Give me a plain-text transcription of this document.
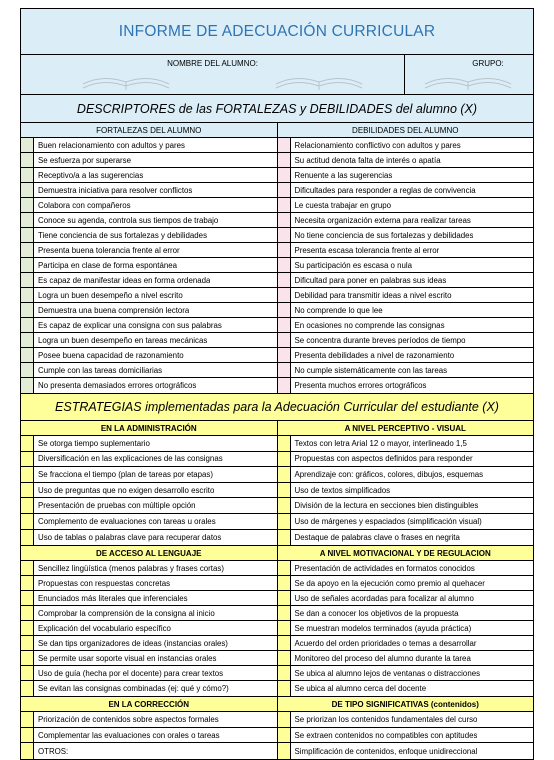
INFORME DE ADECUACIÓN CURRICULAR
NOMBRE DEL ALUMNO:	GRUPO:
DESCRIPTORES de las FORTALEZAS y DEBILIDADES del alumno (X)
FORTALEZAS DEL ALUMNO
Buen relacionamiento con adultos y pares
Se esfuerza por superarse
Receptivo/a a las sugerencias
Demuestra iniciativa para resolver conflictos
Colabora con compañeros
Conoce su agenda, controla sus tiempos de trabajo
Tiene conciencia de sus fortalezas y debilidades
Presenta buena tolerancia frente al error
Participa en clase de forma espontánea
Es capaz de manifestar ideas en forma ordenada
Logra un buen desempeño a nivel escrito
Demuestra una buena comprensión lectora
Es capaz de explicar una consigna con sus palabras
Logra un buen desempeño en tareas mecánicas
Posee buena capacidad de razonamiento
Cumple con las tareas domiciliarias
No presenta demasiados errores ortográficos
DEBILIDADES DEL ALUMNO
Relacionamiento conflictivo con adultos y pares
Su actitud denota falta de interés o apatía
Renuente a las sugerencias
Dificultades para responder a reglas de convivencia
Le cuesta trabajar en grupo
Necesita organización externa para realizar tareas
No tiene conciencia de sus fortalezas y debilidades
Presenta escasa tolerancia frente al error
Su participación es escasa o nula
Dificultad para poner en palabras sus ideas
Debilidad para transmitir ideas a nivel escrito
No comprende lo que lee
En ocasiones no comprende las consignas
Se concentra durante breves períodos de tiempo
Presenta debilidades a nivel de razonamiento
No cumple sistemáticamente con las tareas
Presenta muchos errores ortográficos
ESTRATEGIAS implementadas para la Adecuación Curricular del estudiante (X)
EN LA ADMINISTRACIÓN
Se otorga tiempo suplementario
Diversificación en las explicaciones de las consignas
Se fracciona el tiempo (plan de tareas por etapas)
Uso de preguntas que no exigen desarrollo escrito
Presentación de pruebas con múltiple opción
Complemento de evaluaciones con tareas u orales
Uso de tablas o palabras clave para recuperar datos
A NIVEL PERCEPTIVO - VISUAL
Textos con letra Arial 12 o mayor, interlineado 1,5
Propuestas con aspectos definidos para responder
Aprendizaje con: gráficos, colores, dibujos, esquemas
Uso de textos simplificados
División de la lectura en secciones bien distinguibles
Uso de márgenes y espaciados (simplificación visual)
Destaque de palabras clave o frases en negrita
DE ACCESO AL LENGUAJE
Sencillez lingüística (menos palabras y frases cortas)
Propuestas con respuestas concretas
Enunciados más literales que inferenciales
Comprobar la comprensión de la consigna al inicio
Explicación del vocabulario específico
Se dan tips organizadores de ideas (instancias orales)
Se permite usar soporte visual en instancias orales
Uso de guía (hecha por el docente) para crear textos
Se evitan las consignas combinadas (ej: qué y cómo?)
A NIVEL MOTIVACIONAL Y DE REGULACION
Presentación de actividades en formatos conocidos
Se da apoyo en la ejecución como premio al quehacer
Uso de señales acordadas para focalizar al alumno
Se dan a conocer los objetivos de la propuesta
Se muestran modelos terminados (ayuda práctica)
Acuerdo del orden prioridades o temas a desarrollar
Monitoreo del proceso del alumno durante la tarea
Se ubica al alumno lejos de ventanas o distracciones
Se ubica al alumno cerca del docente
EN LA CORRECCIÓN
Priorización de contenidos sobre aspectos formales
Complementar las evaluaciones con orales o tareas
OTROS:
DE TIPO SIGNIFICATIVAS (contenidos)
Se priorizan los contenidos fundamentales del curso
Se extraen contenidos no compatibles con aptitudes
Simplificación de contenidos, enfoque unidireccional
